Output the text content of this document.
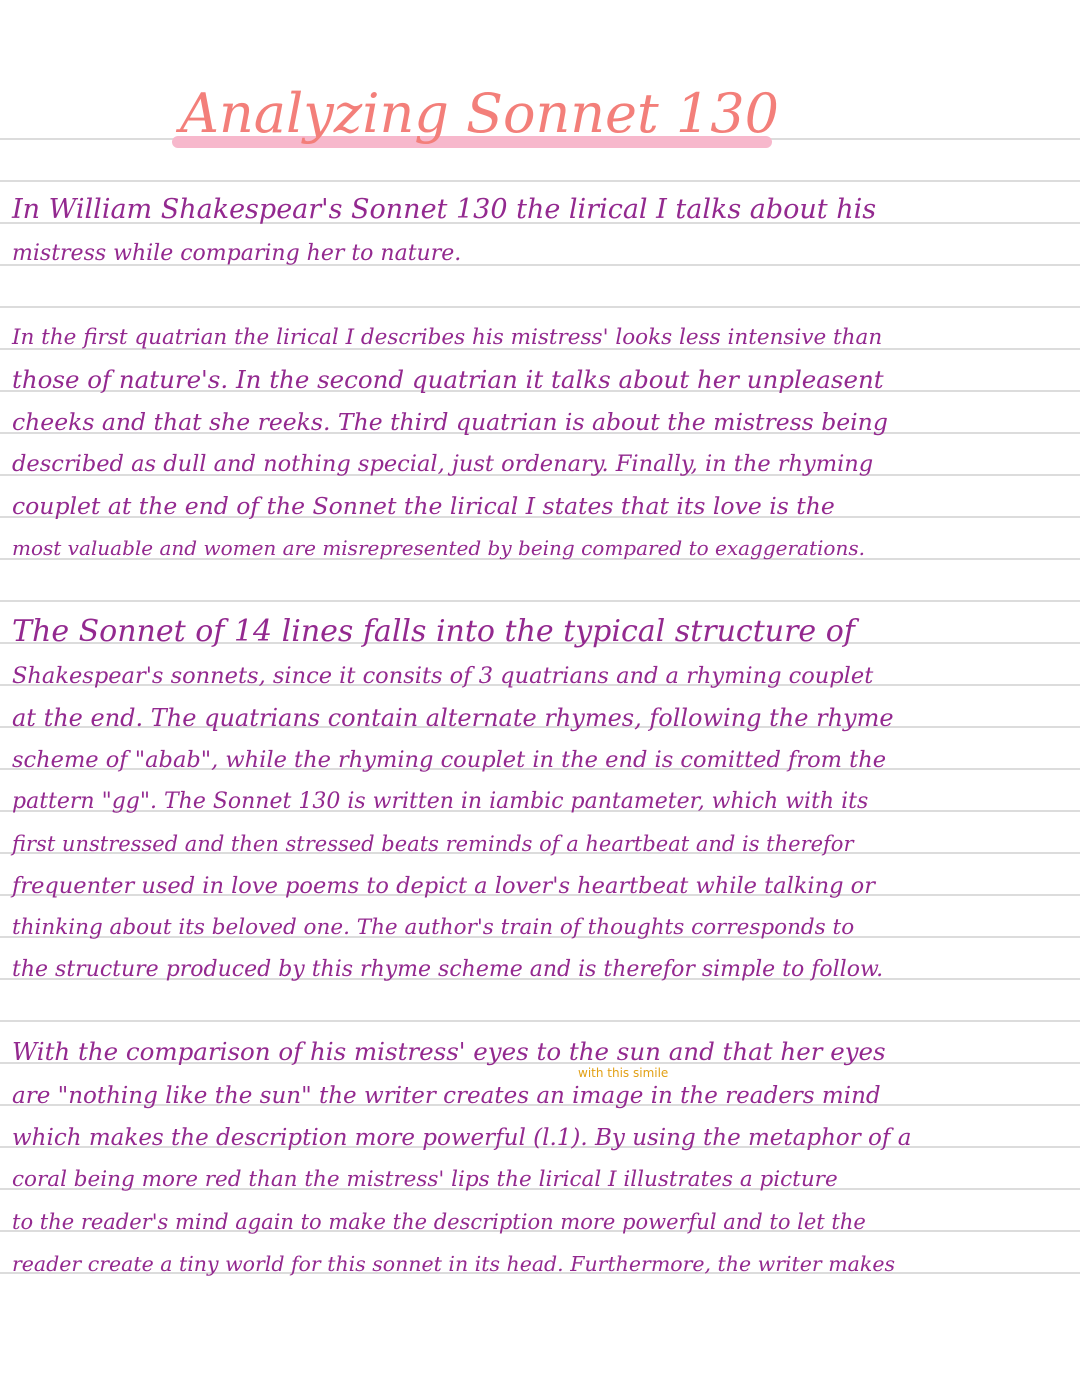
Analyzing Sonnet 130
In William Shakespear's Sonnet 130 the lirical I talks about his
mistress while comparing her to nature.
In the first quatrian the lirical I describes his mistress' looks less intensive than
those of nature's. In the second quatrian it talks about her unpleasent
cheeks and that she reeks. The third quatrian is about the mistress being
described as dull and nothing special, just ordenary. Finally, in the rhyming
couplet at the end of the Sonnet the lirical I states that its love is the
most valuable and women are misrepresented by being compared to exaggerations.
The Sonnet of 14 lines falls into the typical structure of
Shakespear's sonnets, since it consits of 3 quatrians and a rhyming couplet
at the end. The quatrians contain alternate rhymes, following the rhyme
scheme of "abab", while the rhyming couplet in the end is comitted from the
pattern "gg". The Sonnet 130 is written in iambic pantameter, which with its
first unstressed and then stressed beats reminds of a heartbeat and is therefor
frequenter used in love poems to depict a lover's heartbeat while talking or
thinking about its beloved one. The author's train of thoughts corresponds to
the structure produced by this rhyme scheme and is therefor simple to follow.
With the comparison of his mistress' eyes to the sun and that her eyes
are "nothing like the sun" the writer creates an image in the readers mind
which makes the description more powerful (l.1). By using the metaphor of a
coral being more red than the mistress' lips the lirical I illustrates a picture
to the reader's mind again to make the description more powerful and to let the
reader create a tiny world for this sonnet in its head. Furthermore, the writer makes
with this simile
